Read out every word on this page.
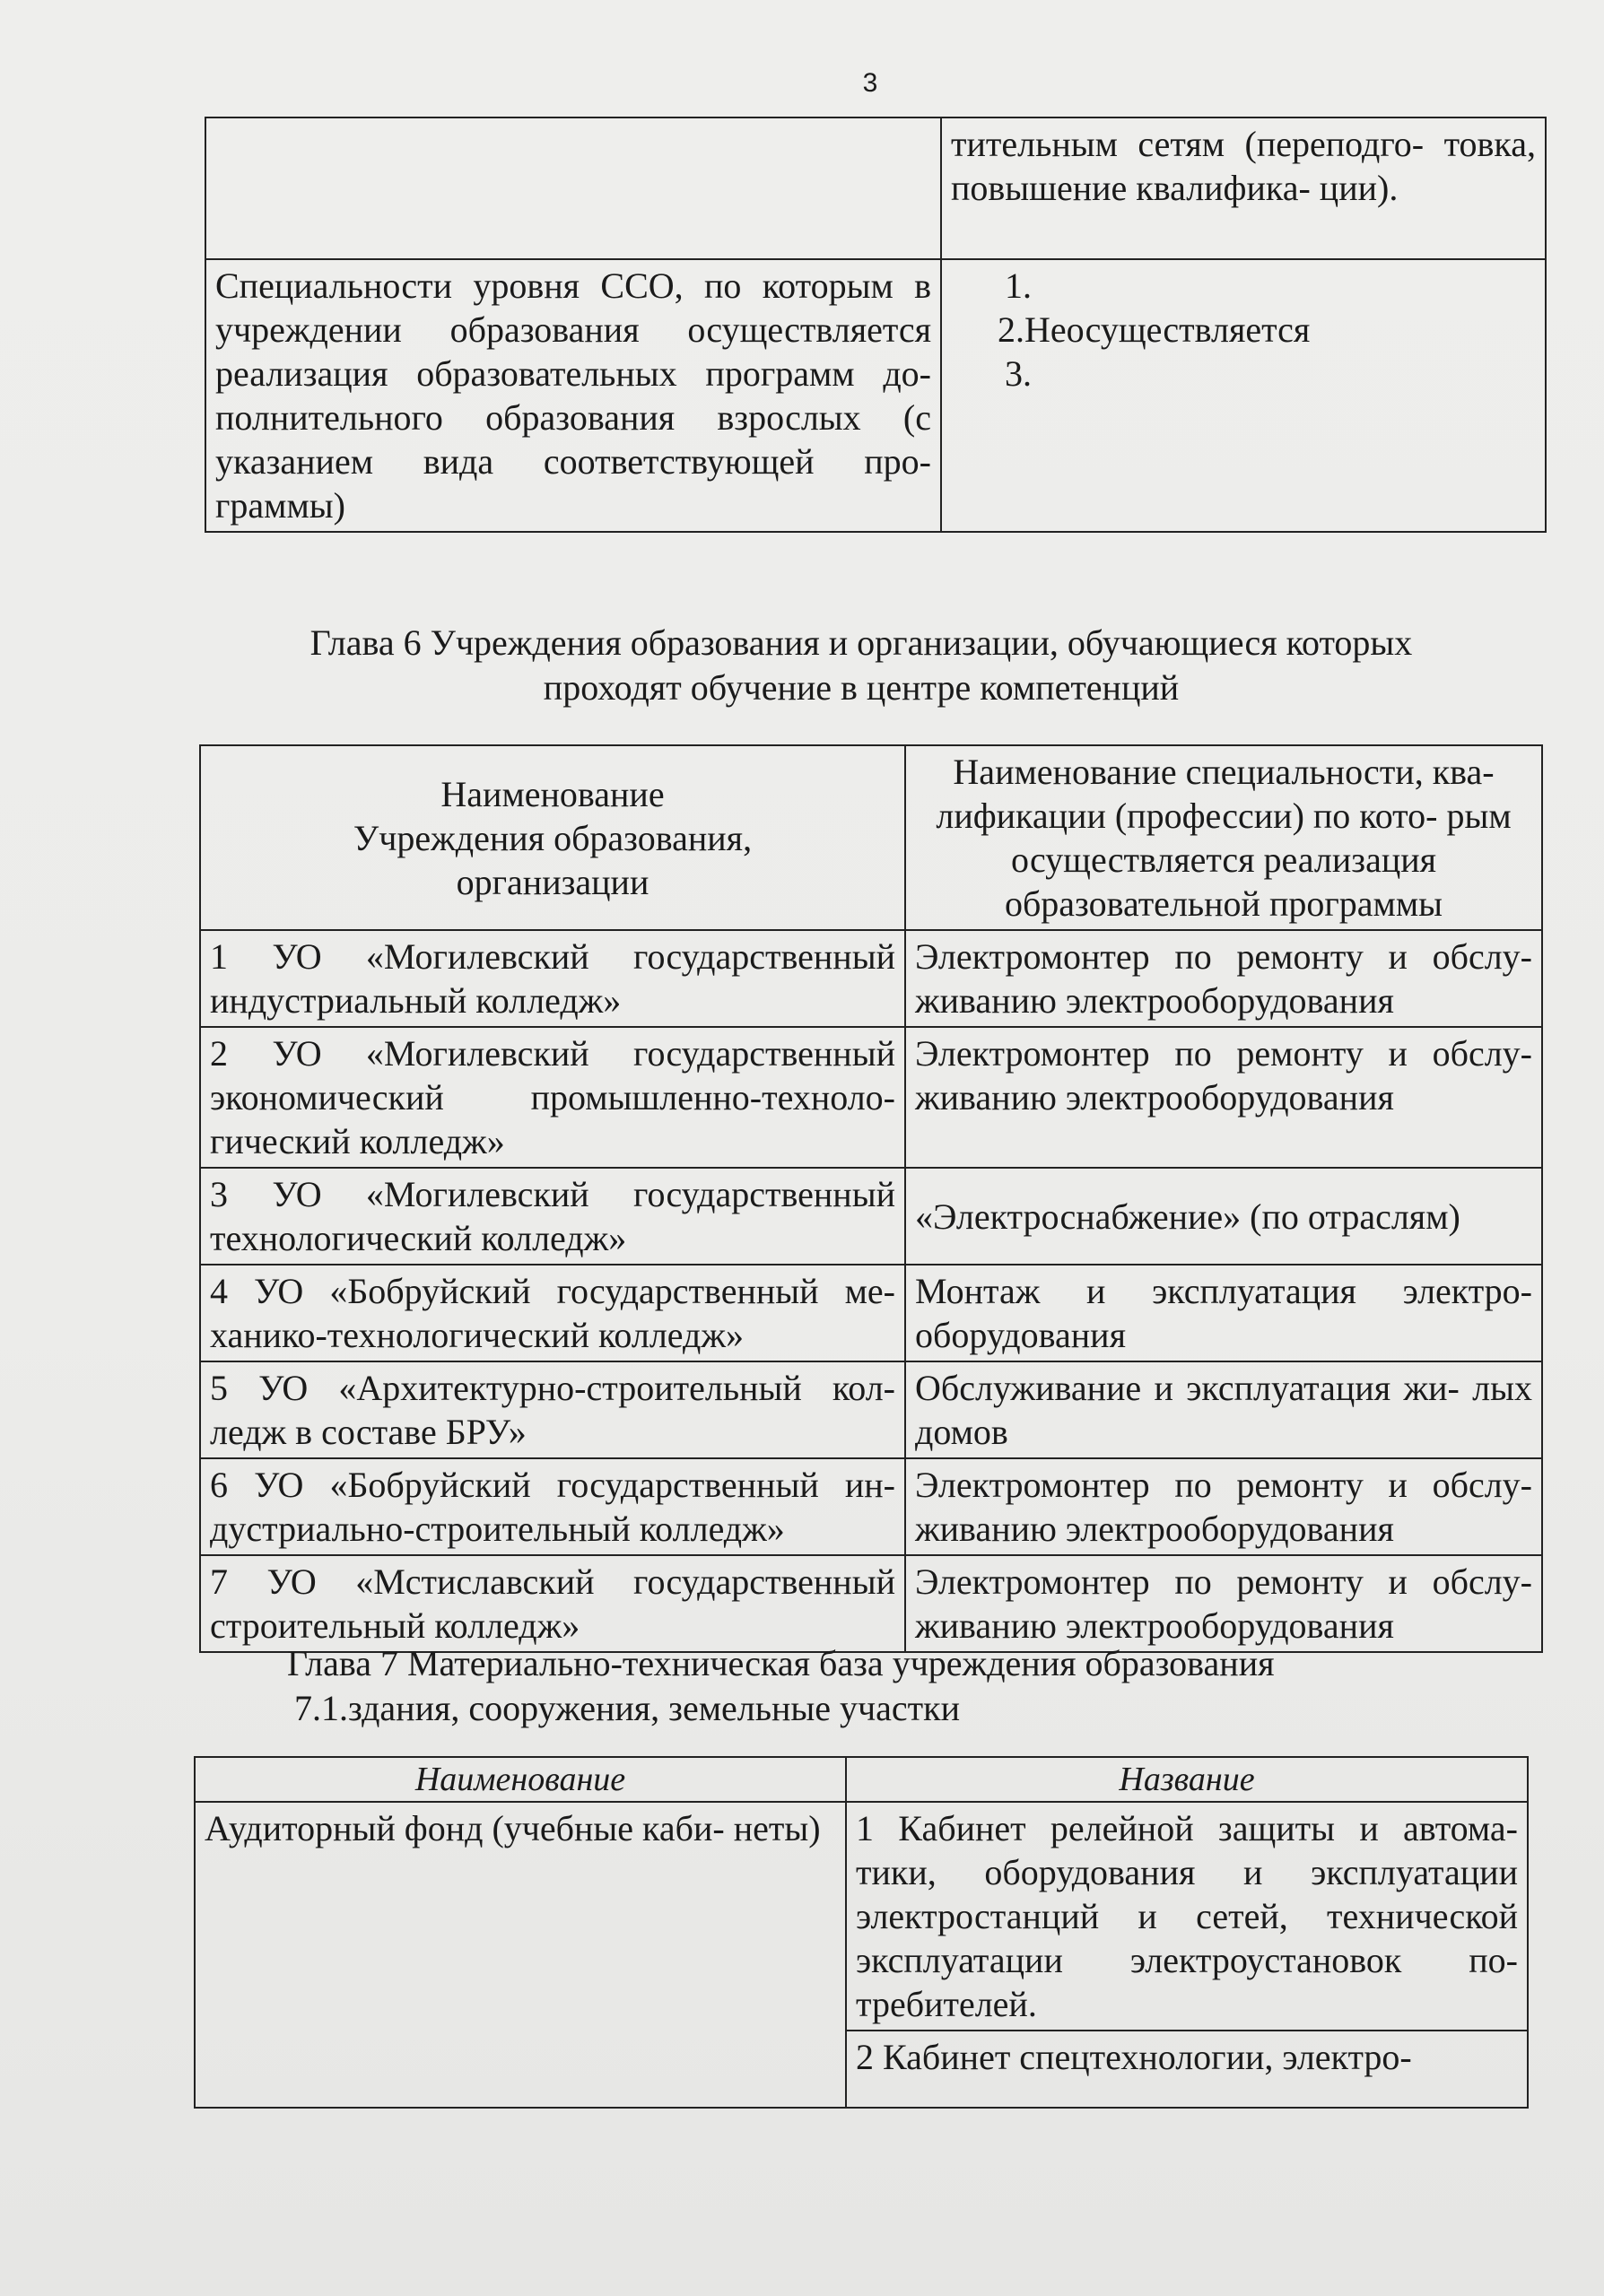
3
	тительным сетям (переподго- товка, повышение квалифика- ции).
Специальности уровня ССО, по которым в учреждении образования осуществляется реализация образовательных программ до- полнительного образования взрослых (с указанием вида соответствующей про- граммы)	1.
2.Неосуществляется
3.
Глава 6 Учреждения образования и организации, обучающиеся которых
проходят обучение в центре компетенций
Наименование
Учреждения образования,
организации	Наименование специальности, ква- лификации (профессии) по кото- рым осуществляется реализация образовательной программы
1 УО «Могилевский государственный индустриальный колледж»	Электромонтер по ремонту и обслу- живанию электрооборудования
2 УО «Могилевский государственный экономический промышленно-техноло- гический колледж»	Электромонтер по ремонту и обслу- живанию электрооборудования
3 УО «Могилевский государственный технологический колледж»	«Электроснабжение» (по отраслям)
4 УО «Бобруйский государственный ме- ханико-технологический колледж»	Монтаж и эксплуатация электро- оборудования
5 УО «Архитектурно-строительный кол- ледж в составе БРУ»	Обслуживание и эксплуатация жи- лых домов
6 УО «Бобруйский государственный ин- дустриально-строительный колледж»	Электромонтер по ремонту и обслу- живанию электрооборудования
7 УО «Мстиславский государственный строительный колледж»	Электромонтер по ремонту и обслу- живанию электрооборудования
Глава 7 Материально-техническая база учреждения образования
7.1.здания, сооружения, земельные участки
Наименование	Название
Аудиторный фонд (учебные каби- неты)	1 Кабинет релейной защиты и автома- тики, оборудования и эксплуатации электростанций и сетей, технической эксплуатации электроустановок по- требителей.
	2 Кабинет спецтехнологии, электро-
